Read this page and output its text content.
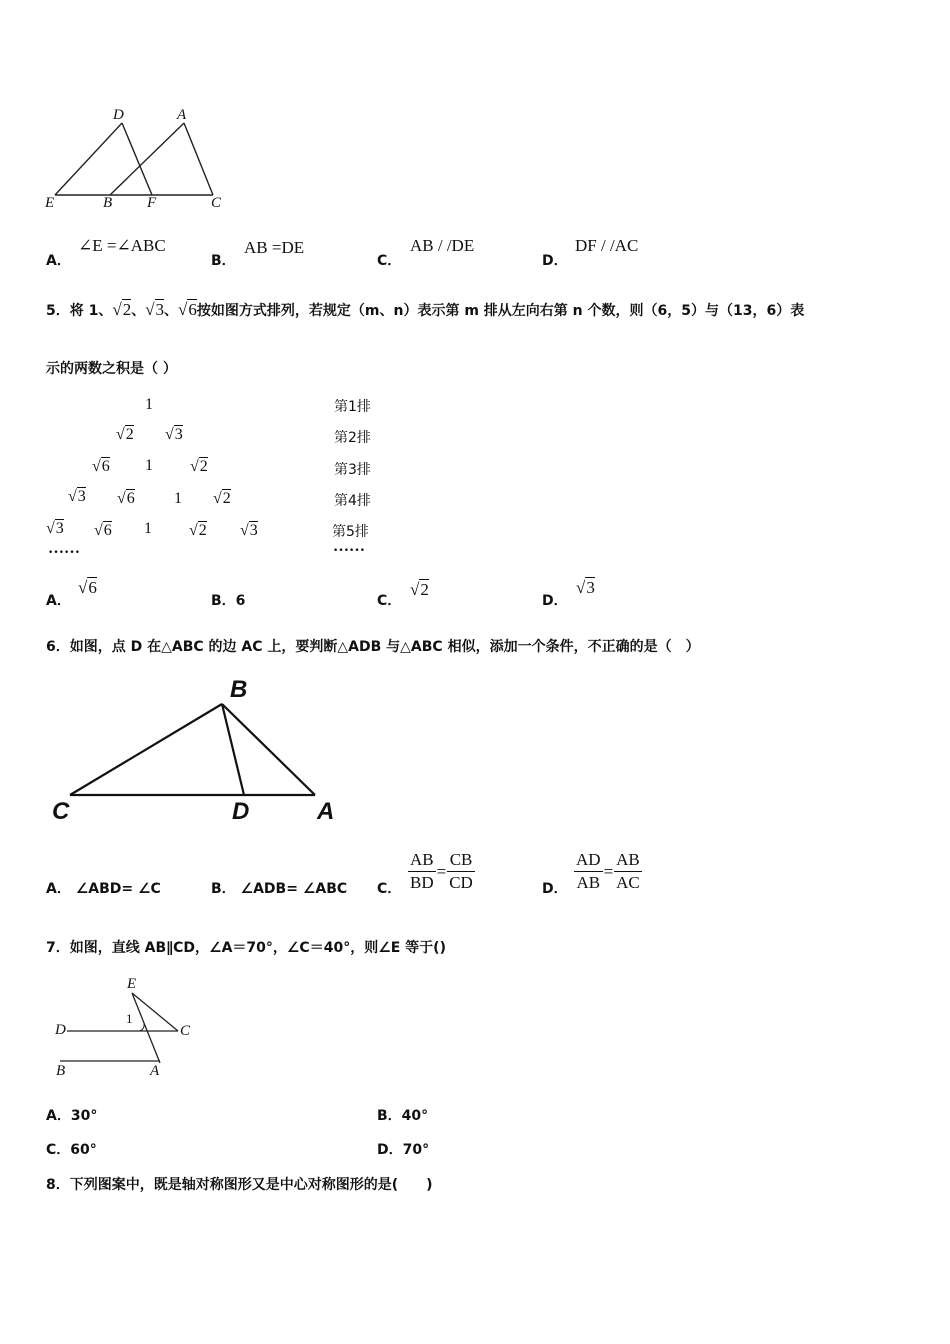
D	A
E	B F	C
A．
∠E =∠ABC
B．
AB =DE
C．
AB / /DE
D．
DF / /AC
5．将 1、√2、√3、√6按如图方式排列，若规定（m、n）表示第 m 排从左向右第 n 个数，则（6，5）与（13，6）表
示的两数之积是（ ）
1
√2 √3
√6 1 √2
√3 √6 1 √2
√3 √6 1 √2 √3
……
第1排
第2排
第3排
第4排
第5排
……
A．
√6
B．6	C．
√2
D．
√3
6．如图，点 D 在△ABC 的边 AC 上，要判断△ADB 与△ABC 相似，添加一个条件，不正确的是（　）
B
C	D	A
A． ∠ABD= ∠C	B． ∠ADB= ∠ABC C． $\frac{AB}{BD} = \frac{CB}{CD}$	D． $\frac{AD}{AB} = \frac{AB}{AC}$
7．如图，直线 AB∥CD，∠A＝70°，∠C＝40°，则∠E 等于()
E
D
1
C
B	A
A．30°	B．40°
C．60°	D．70°
8．下列图案中，既是轴对称图形又是中心对称图形的是(　　)
